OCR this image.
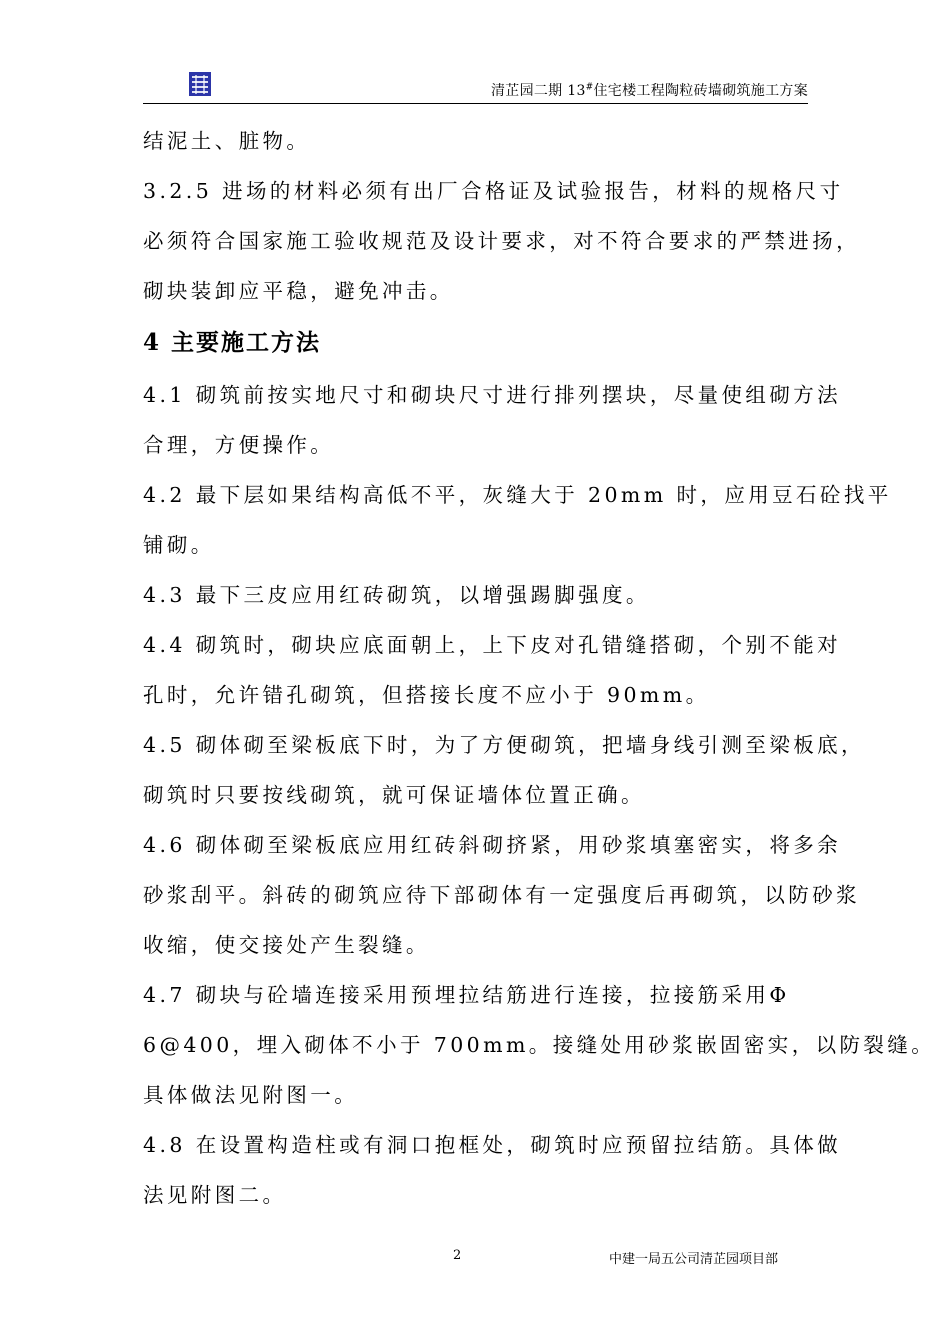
清芷园二期 13#住宅楼工程陶粒砖墙砌筑施工方案

结泥土、脏物。

3.2.5 进场的材料必须有出厂合格证及试验报告，材料的规格尺寸

必须符合国家施工验收规范及设计要求，对不符合要求的严禁进扬，

砌块装卸应平稳，避免冲击。

4 主要施工方法

4.1 砌筑前按实地尺寸和砌块尺寸进行排列摆块，尽量使组砌方法

合理，方便操作。

4.2 最下层如果结构高低不平，灰缝大于 20mm 时，应用豆石砼找平

铺砌。

4.3 最下三皮应用红砖砌筑，以增强踢脚强度。

4.4 砌筑时，砌块应底面朝上，上下皮对孔错缝搭砌，个别不能对

孔时，允许错孔砌筑，但搭接长度不应小于 90mm。

4.5 砌体砌至梁板底下时，为了方便砌筑，把墙身线引测至梁板底，

砌筑时只要按线砌筑，就可保证墙体位置正确。

4.6 砌体砌至梁板底应用红砖斜砌挤紧，用砂浆填塞密实，将多余

砂浆刮平。斜砖的砌筑应待下部砌体有一定强度后再砌筑，以防砂浆

收缩，使交接处产生裂缝。

4.7 砌块与砼墙连接采用预埋拉结筋进行连接，拉接筋采用Φ

6@400，埋入砌体不小于 700mm。接缝处用砂浆嵌固密实，以防裂缝。

具体做法见附图一。

4.8 在设置构造柱或有洞口抱框处，砌筑时应预留拉结筋。具体做

法见附图二。

2	中建一局五公司清芷园项目部
